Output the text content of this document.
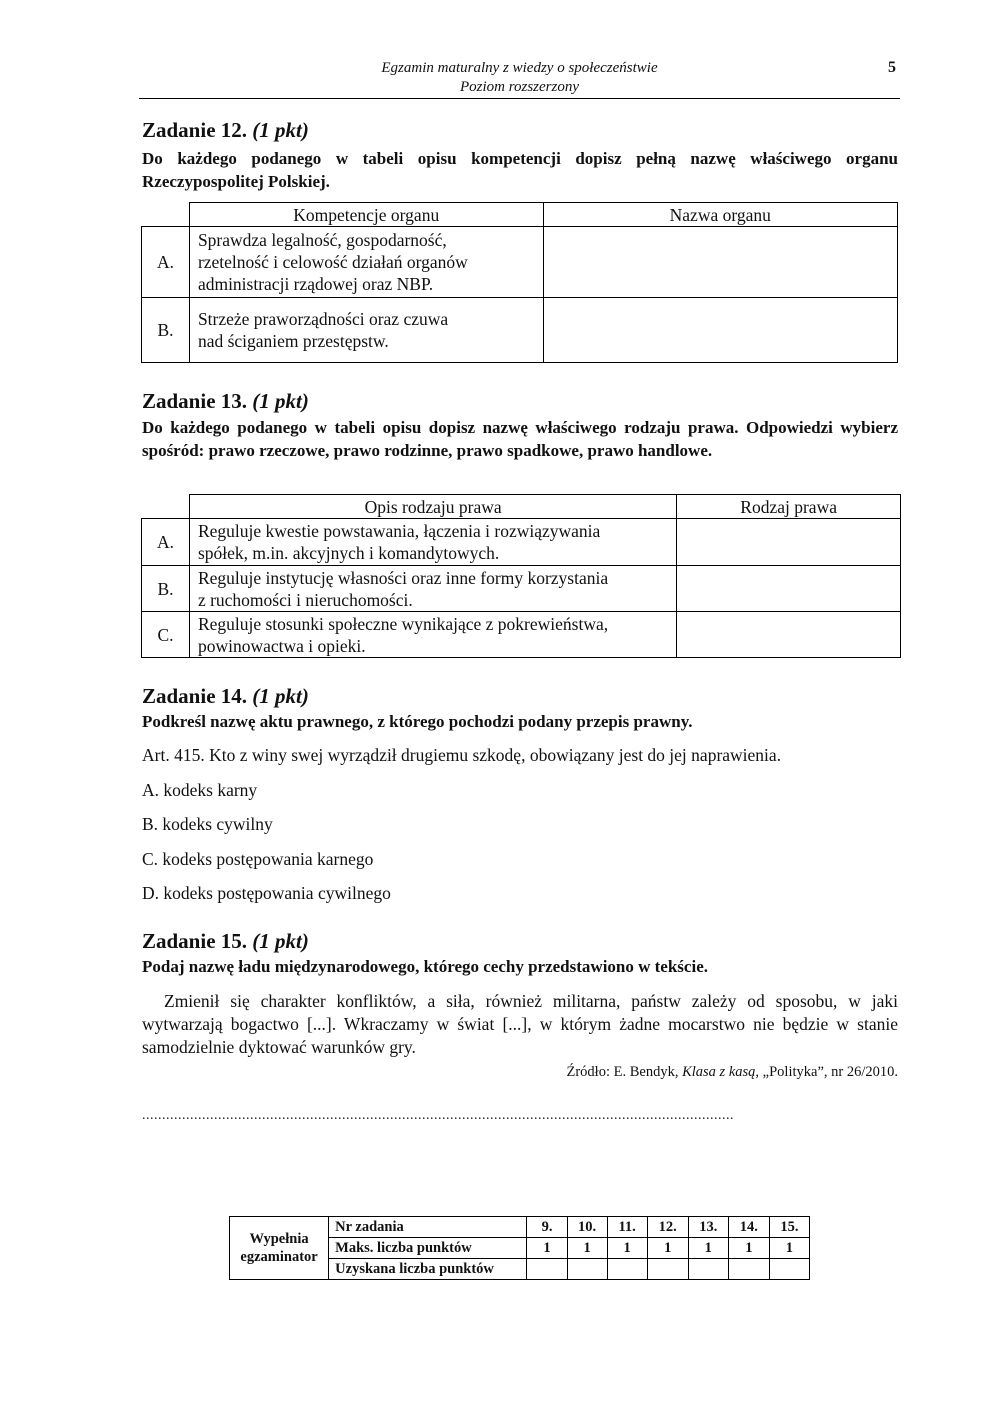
Egzamin maturalny z wiedzy o społeczeństwie
Poziom rozszerzony
5
Zadanie 12. (1 pkt)
Do każdego podanego w tabeli opisu kompetencji dopisz pełną nazwę właściwego organu Rzeczypospolitej Polskiej.
	Kompetencje organu	Nazwa organu
A.	Sprawdza legalność, gospodarność,
rzetelność i celowość działań organów
administracji rządowej oraz NBP.	

B.	Strzeże praworządności oraz czuwa
nad ściganiem przestępstw.	

Zadanie 13. (1 pkt)
Do każdego podanego w tabeli opisu dopisz nazwę właściwego rodzaju prawa. Odpowiedzi wybierz spośród: prawo rzeczowe, prawo rodzinne, prawo spadkowe, prawo handlowe.
	Opis rodzaju prawa	Rodzaj prawa
A.	Reguluje kwestie powstawania, łączenia i rozwiązywania
spółek, m.in. akcyjnych i komandytowych.	

B.	Reguluje instytucję własności oraz inne formy korzystania
z ruchomości i nieruchomości.	

C.	Reguluje stosunki społeczne wynikające z pokrewieństwa,
powinowactwa i opieki.	

Zadanie 14. (1 pkt)
Podkreśl nazwę aktu prawnego, z którego pochodzi podany przepis prawny.
Art. 415. Kto z winy swej wyrządził drugiemu szkodę, obowiązany jest do jej naprawienia.
A. kodeks karny
B. kodeks cywilny
C. kodeks postępowania karnego
D. kodeks postępowania cywilnego
Zadanie 15. (1 pkt)
Podaj nazwę ładu międzynarodowego, którego cechy przedstawiono w tekście.
Zmienił się charakter konfliktów, a siła, również militarna, państw zależy od sposobu, w jaki wytwarzają bogactwo [...]. Wkraczamy w świat [...], w którym żadne mocarstwo nie będzie w stanie samodzielnie dyktować warunków gry.
Źródło: E. Bendyk, Klasa z kasą, „Polityka”, nr 26/2010.
....................................................................................................................................................
Wypełnia
egzaminator	Nr zadania	9.	10.	11.	12.	13.	14.	15.
	Maks. liczba punktów	1	1	1	1	1	1	1
	Uzyskana liczba punktów							
